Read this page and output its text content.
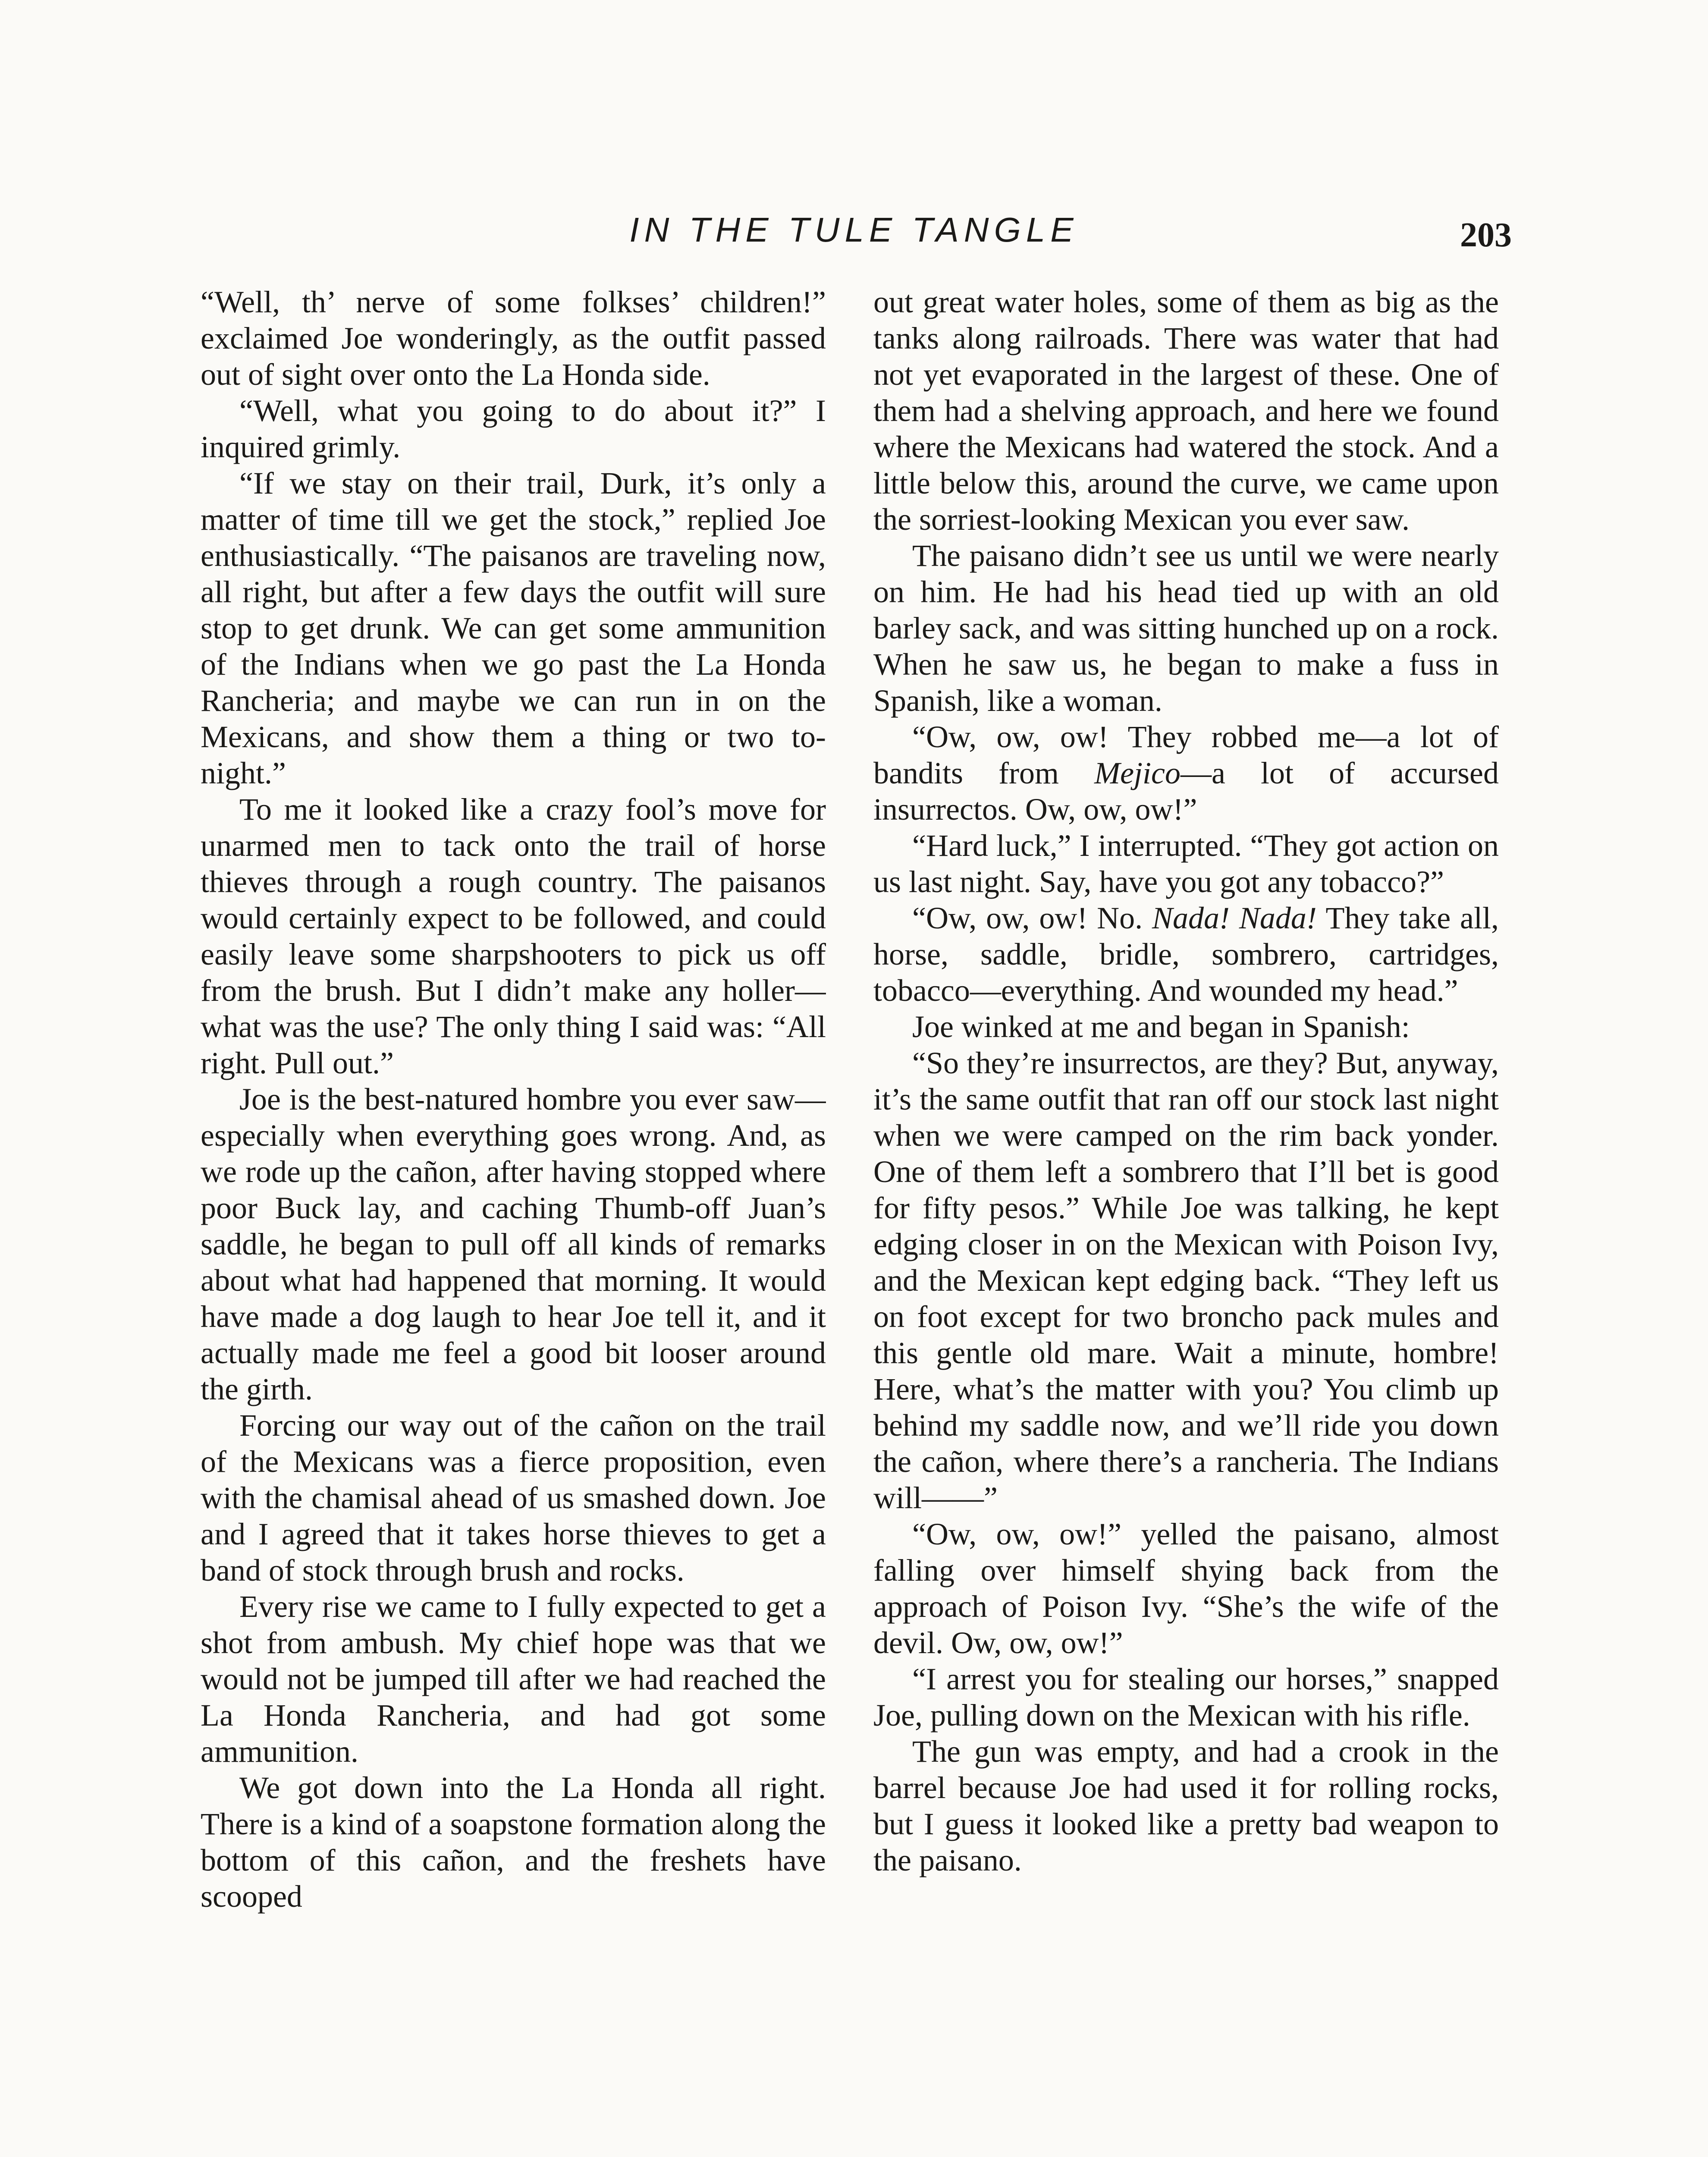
IN THE TULE TANGLE	203

“Well, th’ nerve of some folkses’ children!” exclaimed Joe wonderingly, as the outfit passed out of sight over onto the La Honda side.

“Well, what you going to do about it?” I inquired grimly.

“If we stay on their trail, Durk, it’s only a matter of time till we get the stock,” replied Joe enthusiastically. “The paisanos are traveling now, all right, but after a few days the outfit will sure stop to get drunk. We can get some ammunition of the Indians when we go past the La Honda Rancheria; and maybe we can run in on the Mexicans, and show them a thing or two to-night.”

To me it looked like a crazy fool’s move for unarmed men to tack onto the trail of horse thieves through a rough country. The paisanos would certainly expect to be followed, and could easily leave some sharpshooters to pick us off from the brush. But I didn’t make any holler—what was the use? The only thing I said was: “All right. Pull out.”

Joe is the best-natured hombre you ever saw—especially when everything goes wrong. And, as we rode up the cañon, after having stopped where poor Buck lay, and caching Thumb-off Juan’s saddle, he began to pull off all kinds of remarks about what had happened that morning. It would have made a dog laugh to hear Joe tell it, and it actually made me feel a good bit looser around the girth.

Forcing our way out of the cañon on the trail of the Mexicans was a fierce proposition, even with the chamisal ahead of us smashed down. Joe and I agreed that it takes horse thieves to get a band of stock through brush and rocks.

Every rise we came to I fully expected to get a shot from ambush. My chief hope was that we would not be jumped till after we had reached the La Honda Rancheria, and had got some ammunition.

We got down into the La Honda all right. There is a kind of a soapstone formation along the bottom of this cañon, and the freshets have scooped

out great water holes, some of them as big as the tanks along railroads. There was water that had not yet evaporated in the largest of these. One of them had a shelving approach, and here we found where the Mexicans had watered the stock. And a little below this, around the curve, we came upon the sorriest-looking Mexican you ever saw.

The paisano didn’t see us until we were nearly on him. He had his head tied up with an old barley sack, and was sitting hunched up on a rock. When he saw us, he began to make a fuss in Spanish, like a woman.

“Ow, ow, ow! They robbed me—a lot of bandits from Mejico—a lot of accursed insurrectos. Ow, ow, ow!”

“Hard luck,” I interrupted. “They got action on us last night. Say, have you got any tobacco?”

“Ow, ow, ow! No. Nada! Nada! They take all, horse, saddle, bridle, sombrero, cartridges, tobacco—everything. And wounded my head.”

Joe winked at me and began in Spanish:

“So they’re insurrectos, are they? But, anyway, it’s the same outfit that ran off our stock last night when we were camped on the rim back yonder. One of them left a sombrero that I’ll bet is good for fifty pesos.” While Joe was talking, he kept edging closer in on the Mexican with Poison Ivy, and the Mexican kept edging back. “They left us on foot except for two broncho pack mules and this gentle old mare. Wait a minute, hombre! Here, what’s the matter with you? You climb up behind my saddle now, and we’ll ride you down the cañon, where there’s a rancheria. The Indians will——”

“Ow, ow, ow!” yelled the paisano, almost falling over himself shying back from the approach of Poison Ivy. “She’s the wife of the devil. Ow, ow, ow!”

“I arrest you for stealing our horses,” snapped Joe, pulling down on the Mexican with his rifle.

The gun was empty, and had a crook in the barrel because Joe had used it for rolling rocks, but I guess it looked like a pretty bad weapon to the paisano.
